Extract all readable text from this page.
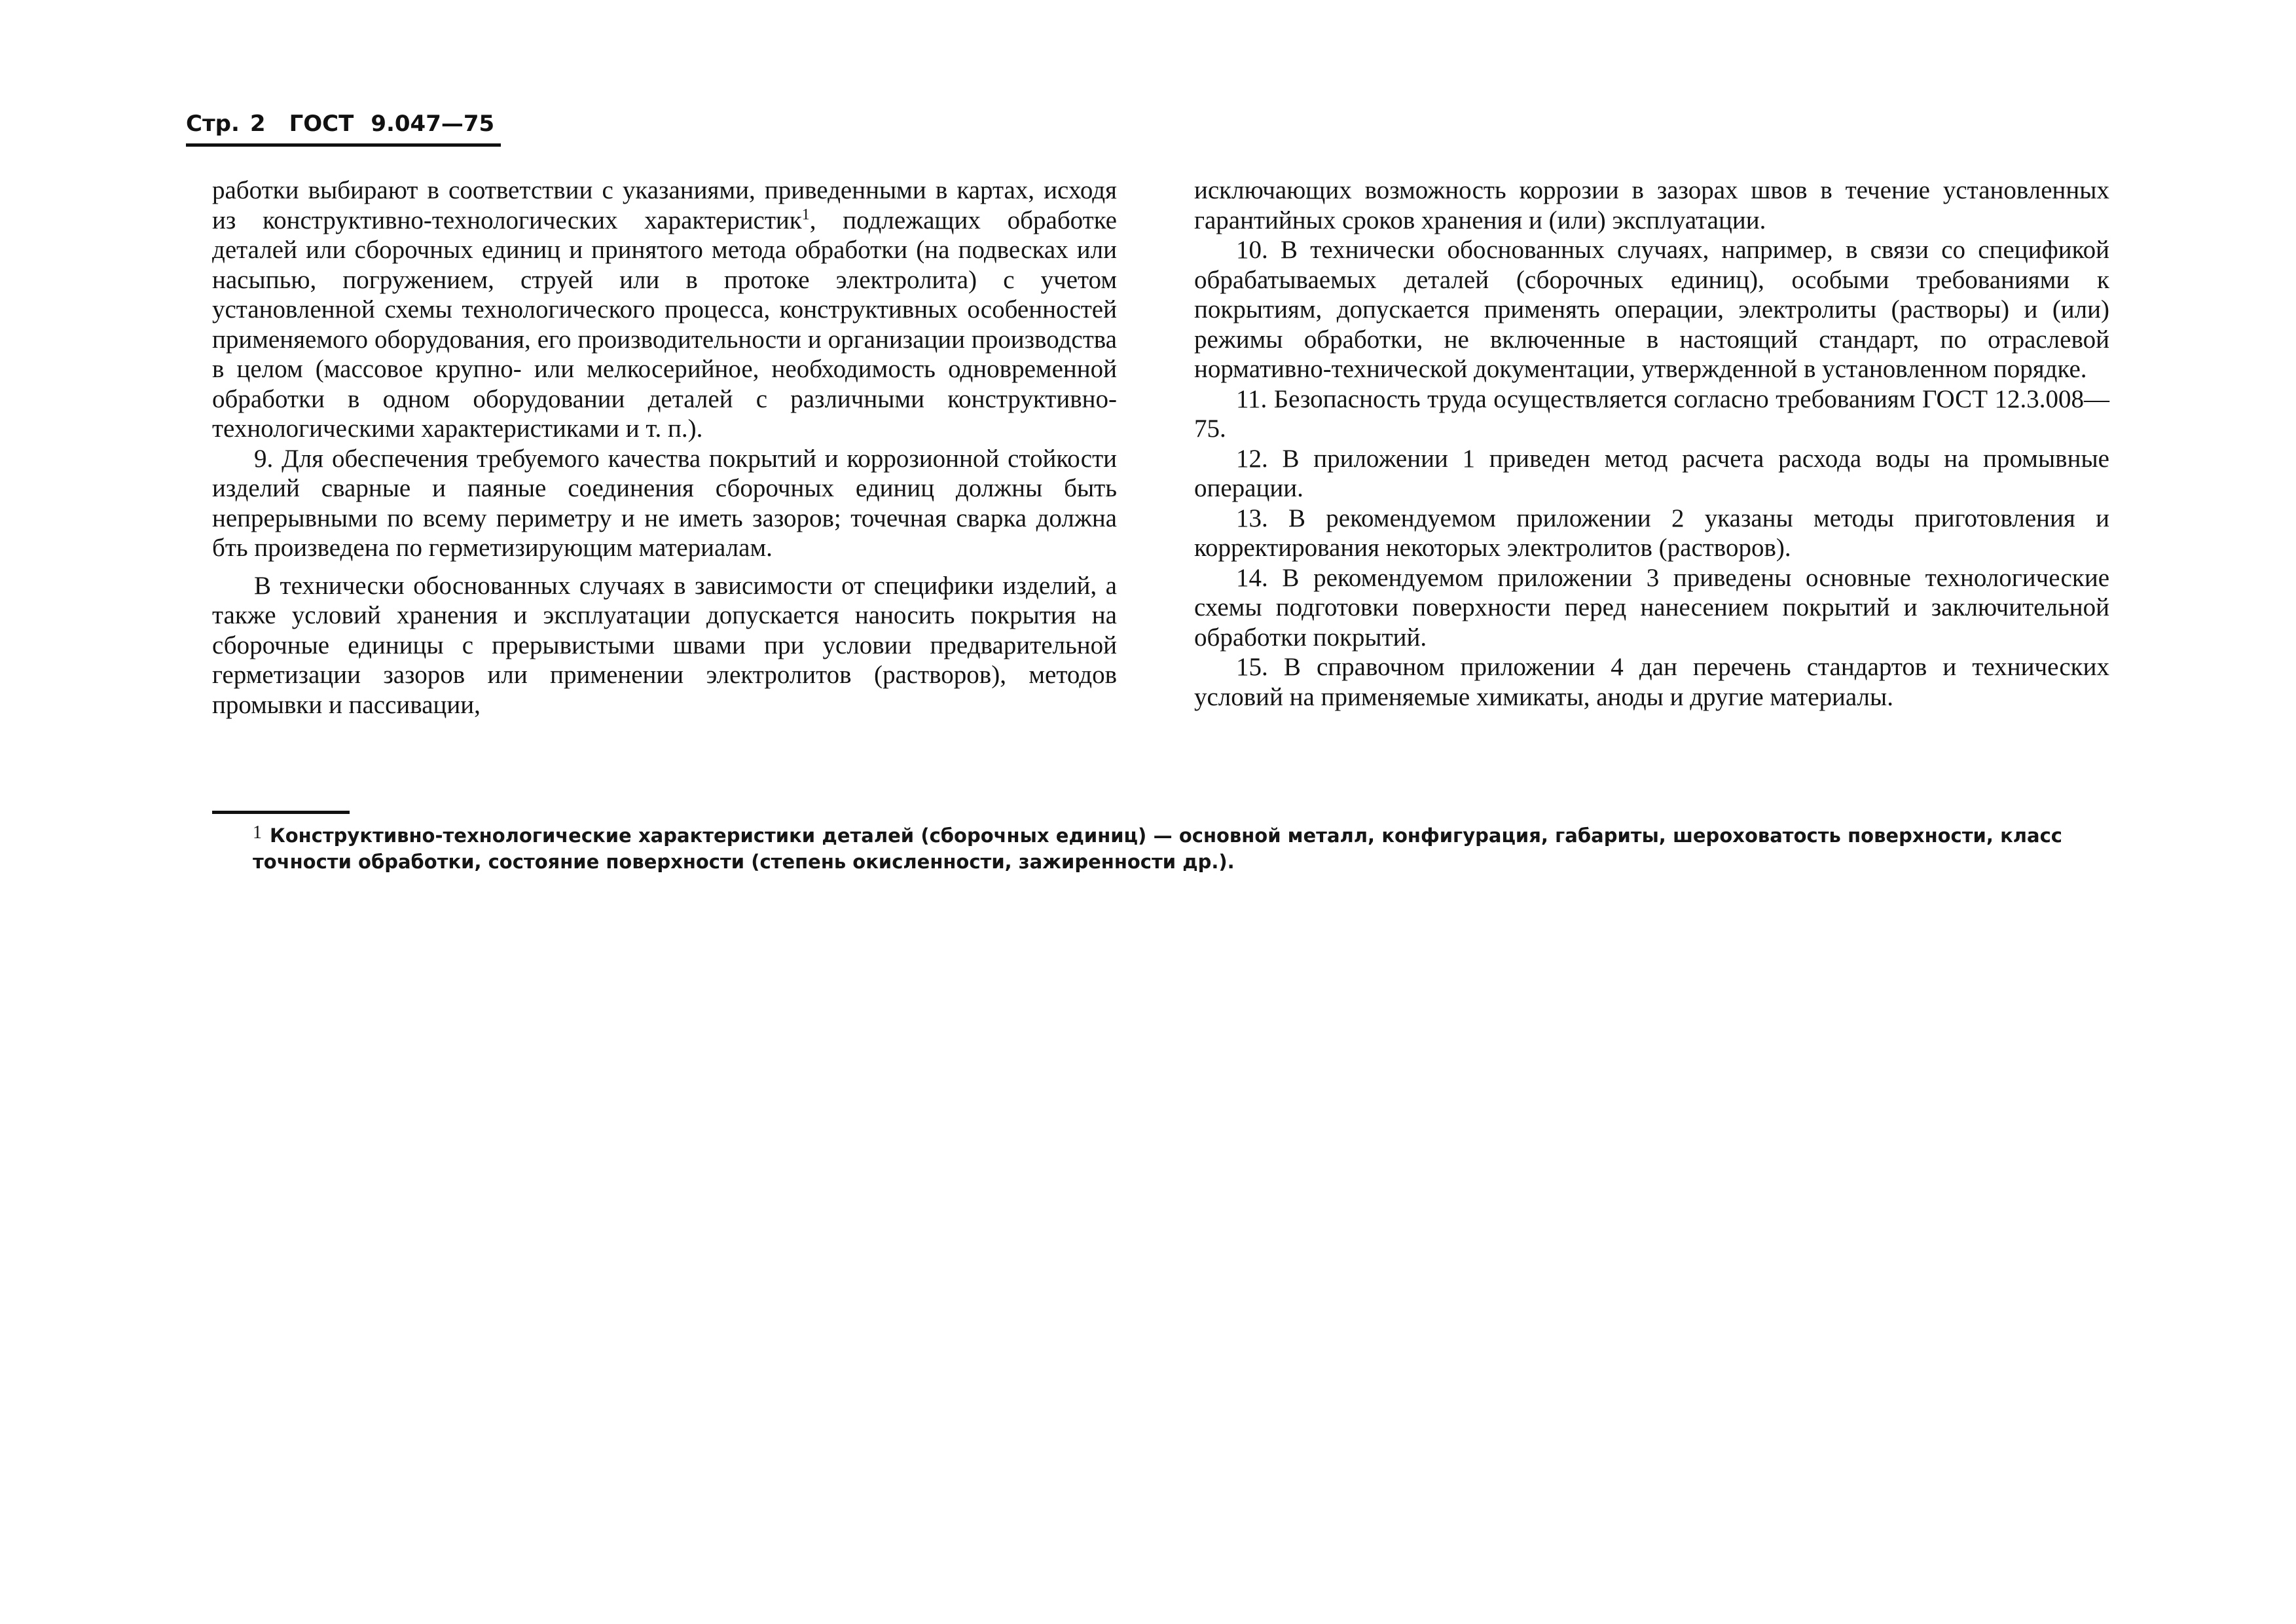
Стр. 2 ГОСТ 9.047—75

работки выбирают в соответствии с указаниями, приведенными в картах, исходя из конструктивно-технологических характеристик$^1$, подлежащих обработке деталей или сборочных единиц и принятого метода обработки (на подвесках или насыпью, погружением, струей или в протоке электролита) с учетом установленной схемы технологического процесса, конструктивных особенностей применяемого оборудования, его производительности и организации производства в целом (массовое крупно- или мелкосерийное, необходимость одновременной обработки в одном оборудовании деталей с различными конструктивно-технологическими характеристиками и т. п.).

9. Для обеспечения требуемого качества покрытий и коррозионной стойкости изделий сварные и паяные соединения сборочных единиц должны быть непрерывными по всему периметру и не иметь зазоров; точечная сварка должна бть произведена по герметизирующим материалам.

В технически обоснованных случаях в зависимости от специфики изделий, а также условий хранения и эксплуатации допускается наносить покрытия на сборочные единицы с прерывистыми швами при условии предварительной герметизации зазоров или применении электролитов (растворов), методов промывки и пассивации,

исключающих возможность коррозии в зазорах швов в течение установленных гарантийных сроков хранения и (или) эксплуатации.

10. В технически обоснованных случаях, например, в связи со спецификой обрабатываемых деталей (сборочных единиц), особыми требованиями к покрытиям, допускается применять операции, электролиты (растворы) и (или) режимы обработки, не включенные в настоящий стандарт, по отраслевой нормативно-технической документации, утвержденной в установленном порядке.

11. Безопасность труда осуществляется согласно требованиям ГОСТ 12.3.008—75.

12. В приложении 1 приведен метод расчета расхода воды на промывные операции.

13. В рекомендуемом приложении 2 указаны методы приготовления и корректирования некоторых электролитов (растворов).

14. В рекомендуемом приложении 3 приведены основные технологические схемы подготовки поверхности перед нанесением покрытий и заключительной обработки покрытий.

15. В справочном приложении 4 дан перечень стандартов и технических условий на применяемые химикаты, аноды и другие материалы.

1 Конструктивно-технологические характеристики деталей (сборочных единиц) — основной металл, конфигурация, габариты, шероховатость поверхности, класс точности обработки, состояние поверхности (степень окисленности, зажиренности др.).
